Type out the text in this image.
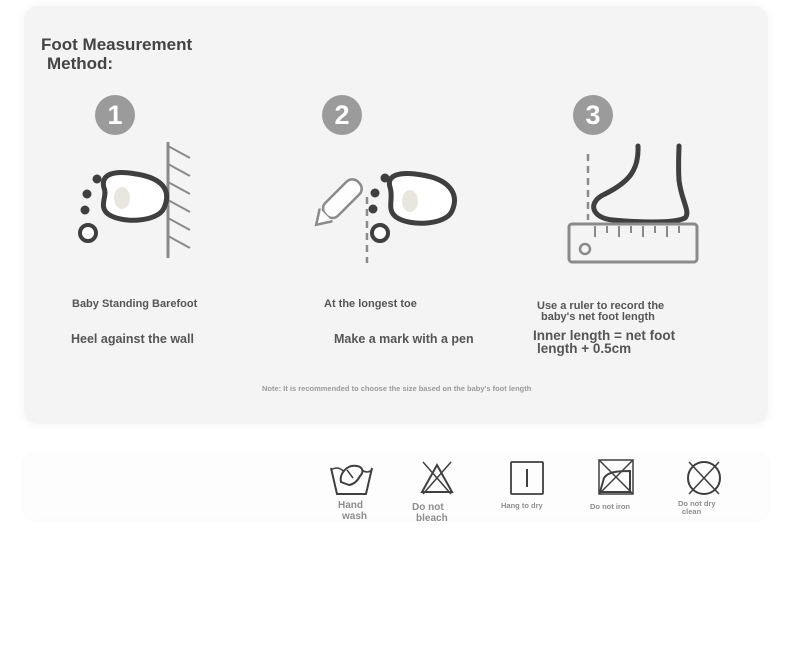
Foot Measurement
Method:
1
Baby Standing Barefoot
Heel against the wall
2
At the longest toe
Make a mark with a pen
3
Use a ruler to record the
baby's net foot length
Inner length = net foot
length + 0.5cm
Note: It is recommended to choose the size based on the baby's foot length
Hand
wash
Do not
bleach
Hang to dry	Do not iron	Do not dry
clean
